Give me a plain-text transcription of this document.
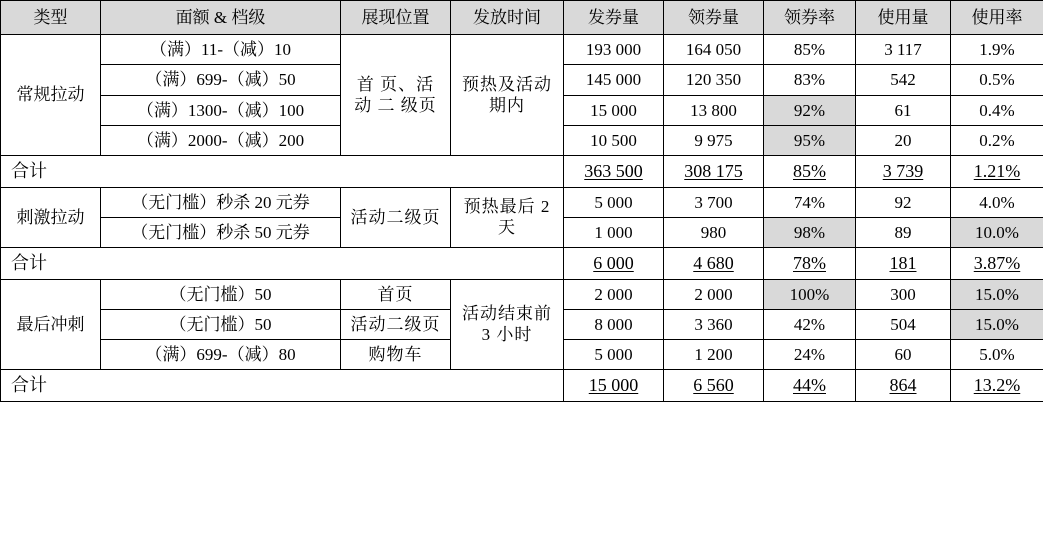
类型	面额 & 档级	展现位置	发放时间	发券量	领券量	领券率	使用量	使用率
常规拉动	（满）11-（减）10	首 页、活 动 二 级页	预热及活动期内	193 000	164 050	85%	3 117	1.9%
	（满）699-（减）50			145 000	120 350	83%	542	0.5%
	（满）1300-（减）100			15 000	13 800	92%	61	0.4%
	（满）2000-（减）200			10 500	9 975	95%	20	0.2%
合计				363 500	308 175	85%	3 739	1.21%
刺激拉动	（无门槛）秒杀 20 元券	活动二级页	预热最后 2 天	5 000	3 700	74%	92	4.0%
	（无门槛）秒杀 50 元券			1 000	980	98%	89	10.0%
合计				6 000	4 680	78%	181	3.87%
最后冲刺	（无门槛）50	首页	活动结束前 3 小时	2 000	2 000	100%	300	15.0%
	（无门槛）50	活动二级页		8 000	3 360	42%	504	15.0%
	（满）699-（减）80	购物车		5 000	1 200	24%	60	5.0%
合计				15 000	6 560	44%	864	13.2%
